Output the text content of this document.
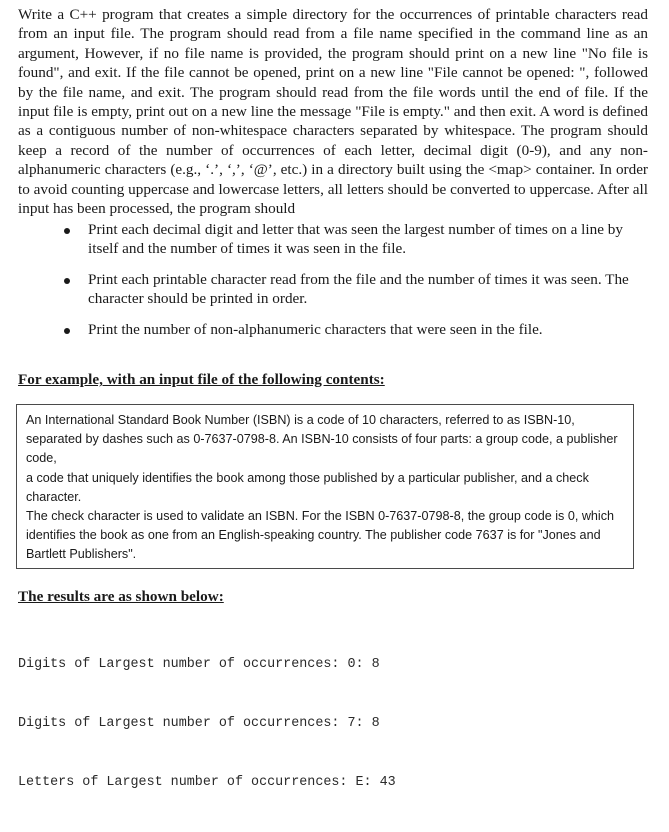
Write a C++ program that creates a simple directory for the occurrences of printable characters read from an input file. The program should read from a file name specified in the command line as an argument, However, if no file name is provided, the program should print on a new line "No file is found", and exit. If the file cannot be opened, print on a new line "File cannot be opened: ", followed by the file name, and exit. The program should read from the file words until the end of file. If the input file is empty, print out on a new line the message "File is empty." and then exit. A word is defined as a contiguous number of non-whitespace characters separated by whitespace. The program should keep a record of the number of occurrences of each letter, decimal digit (0-9), and any non-alphanumeric characters (e.g., ‘.’, ‘,’, ‘@’, etc.) in a directory built using the <map> container. In order to avoid counting uppercase and lowercase letters, all letters should be converted to uppercase. After all input has been processed, the program should

Print each decimal digit and letter that was seen the largest number of times on a line by itself and the number of times it was seen in the file.
Print each printable character read from the file and the number of times it was seen. The character should be printed in order.
Print the number of non-alphanumeric characters that were seen in the file.

For example, with an input file of the following contents:

An International Standard Book Number (ISBN) is a code of 10 characters, referred to as ISBN-10, separated by dashes such as 0-7637-0798-8. An ISBN-10 consists of four parts: a group code, a publisher code,

a code that uniquely identifies the book among those published by a particular publisher, and a check character.

The check character is used to validate an ISBN. For the ISBN 0-7637-0798-8, the group code is 0, which identifies the book as one from an English-speaking country. The publisher code 7637 is for "Jones and Bartlett Publishers".

The results are as shown below:

Digits of Largest number of occurrences: 0: 8

Digits of Largest number of occurrences: 7: 8

Letters of Largest number of occurrences: E: 43
